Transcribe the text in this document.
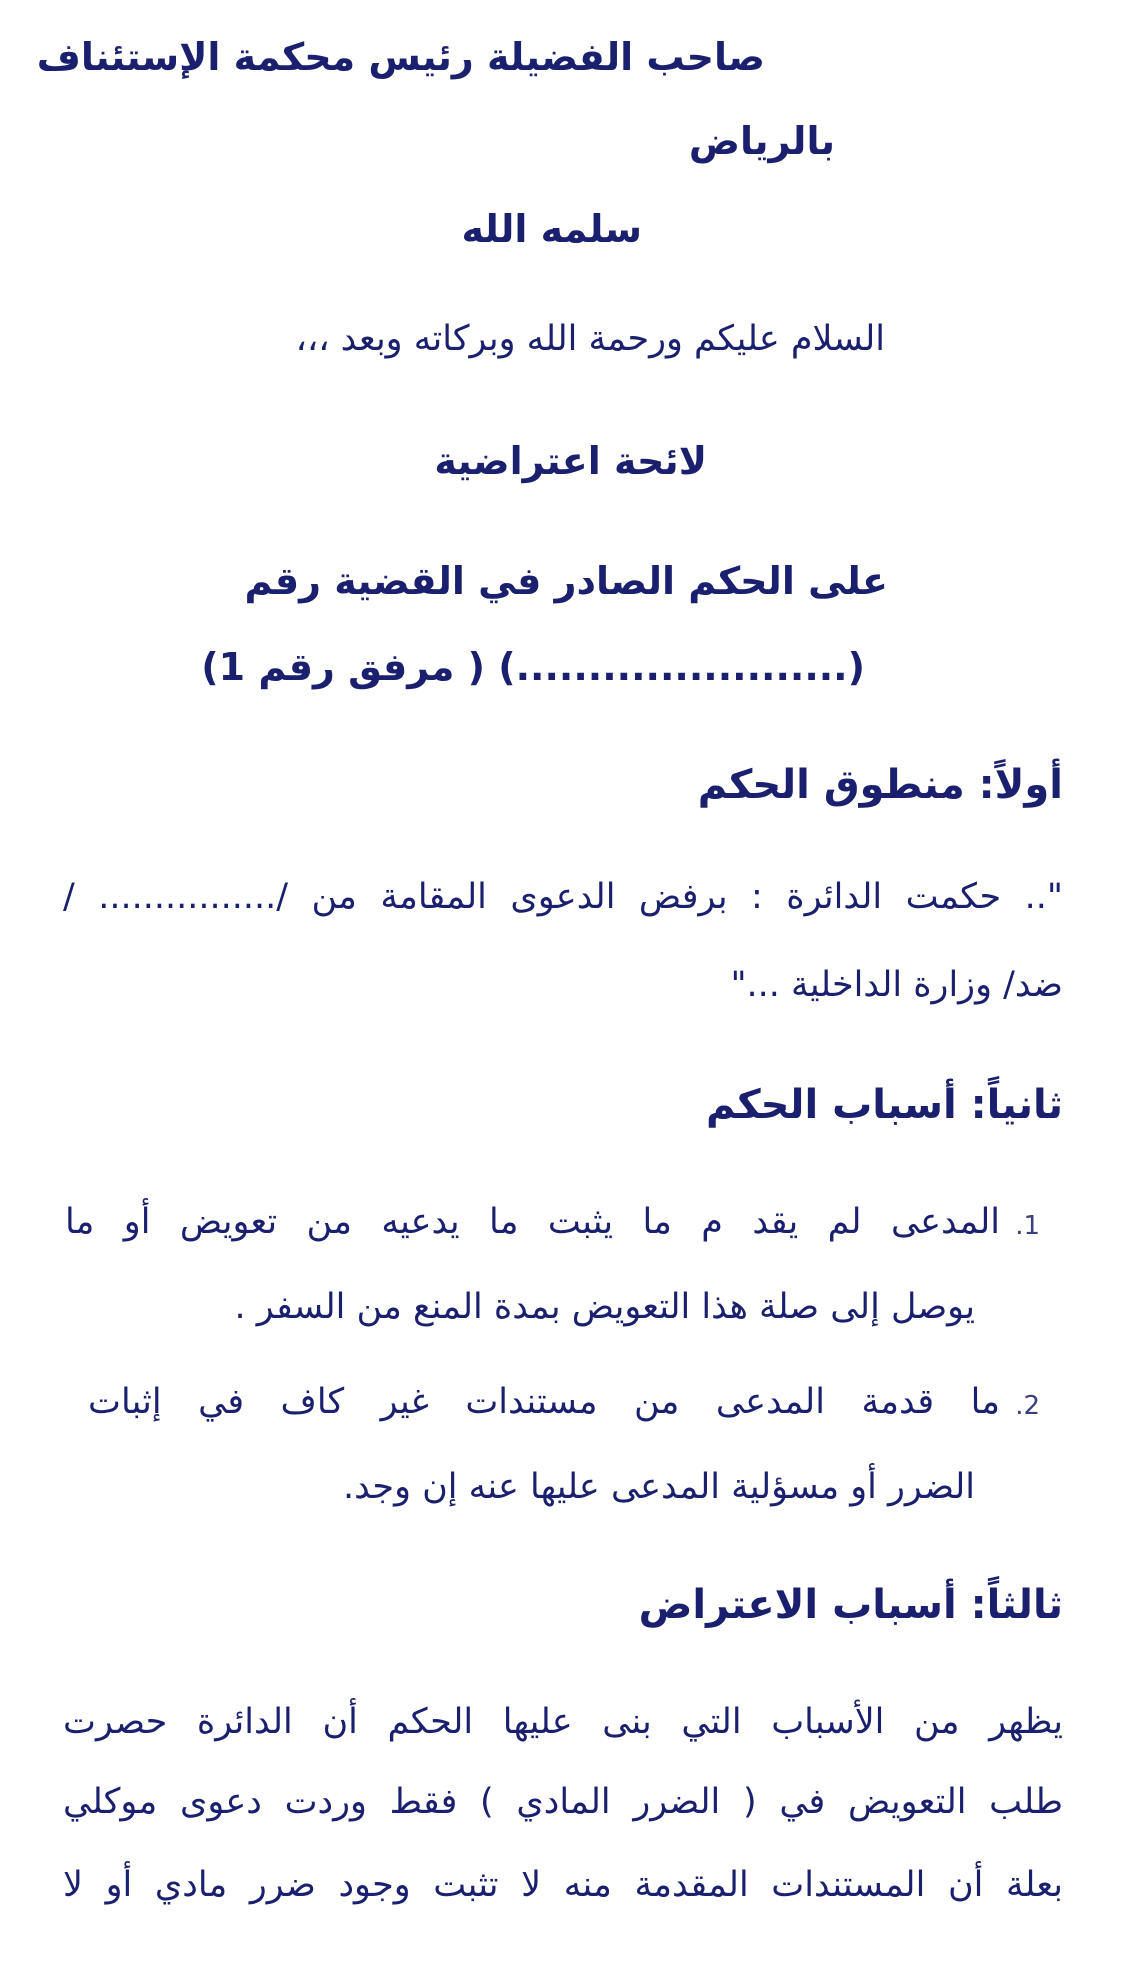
صاحب الفضيلة رئيس محكمة الإستئناف
بالرياض
سلمه الله
السلام عليكم ورحمة الله وبركاته وبعد ،،،
لائحة اعتراضية
على الحكم الصادر في القضية رقم
(.......................) ( مرفق رقم 1)
أولاً: منطوق الحكم
".. حكمت الدائرة : برفض الدعوى المقامة من /................ /
ضد/ وزارة الداخلية ..."
ثانياً: أسباب الحكم
1.
المدعى لم يقد م ما يثبت ما يدعيه من تعويض أو ما
يوصل إلى صلة هذا التعويض بمدة المنع من السفر .
2.
ما قدمة المدعى من مستندات غير كاف في إثبات
الضرر أو مسؤلية المدعى عليها عنه إن وجد.
ثالثاً: أسباب الاعتراض
يظهر من الأسباب التي بنى عليها الحكم أن الدائرة حصرت
طلب التعويض في ( الضرر المادي ) فقط وردت دعوى موكلي
بعلة أن المستندات المقدمة منه لا تثبت وجود ضرر مادي أو لا
